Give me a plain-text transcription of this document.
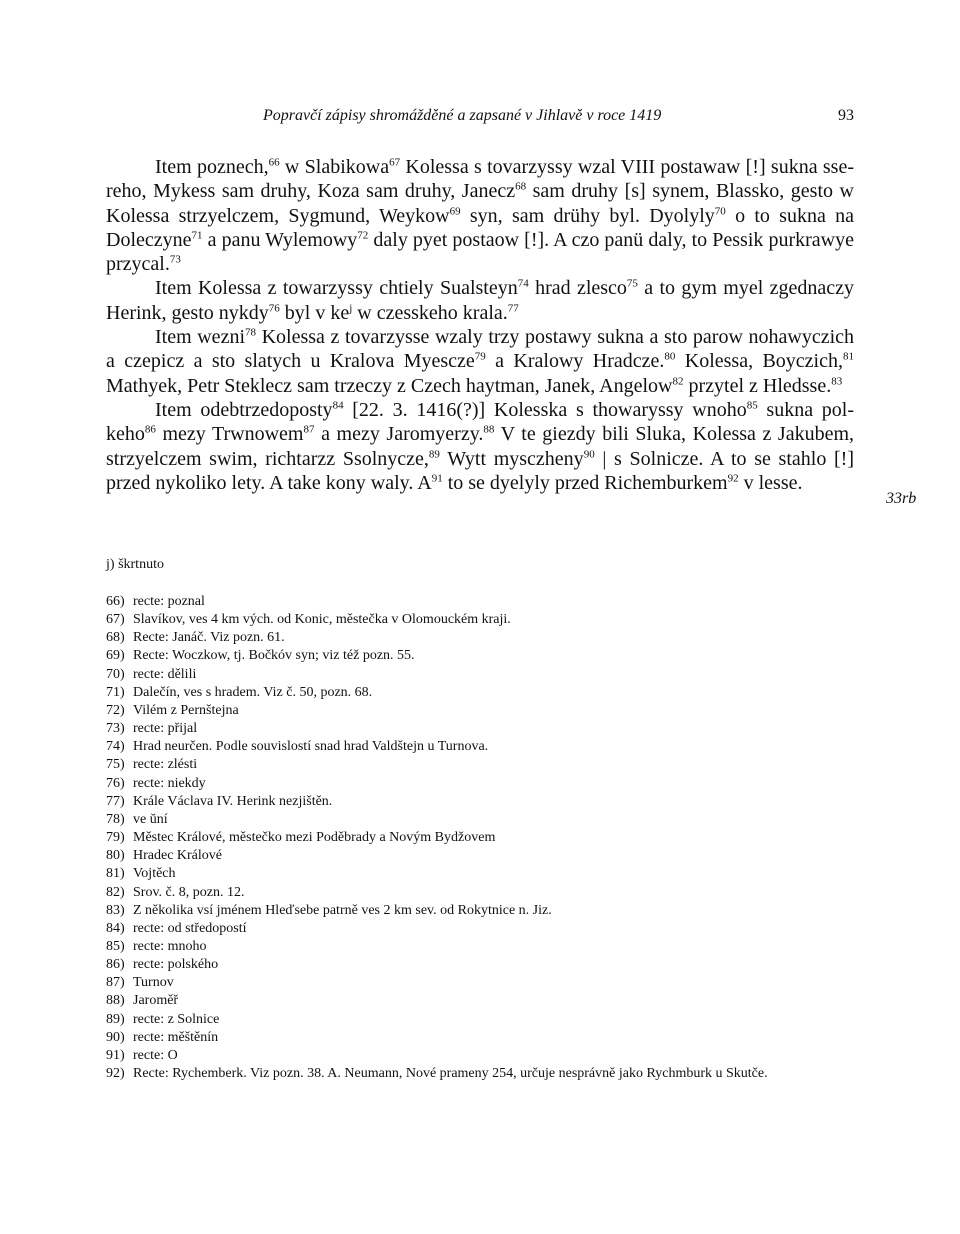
Popravčí zápisy shromážděné a zapsané v Jihlavě v roce 1419	93

Item poznech,$^{66}$ w Slabikowa$^{67}$ Kolessa s tovarzyssy wzal VIII postawaw [!] sukna ssereho, Mykess sam druhy, Koza sam druhy, Janecz$^{68}$ sam druhy [s] synem, Blassko, gesto w Kolessa strzyelczem, Sygmund, Weykow$^{69}$ syn, sam drühy byl. Dyolyly$^{70}$ o to sukna na Doleczyne$^{71}$ a panu Wylemowy$^{72}$ daly pyet postaow [!]. A czo panü daly, to Pessik purkrawye przycal.$^{73}$

Item Kolessa z towarzyssy chtiely Sualsteyn$^{74}$ hrad zlesco$^{75}$ a to gym myel zgednaczy Herink, gesto nykdy$^{76}$ byl v $ke^j$ w czesskeho krala.$^{77}$

Item wezni$^{78}$ Kolessa z tovarzysse wzaly trzy postawy sukna a sto parow nohawyczich a czepicz a sto slatych u Kralova Myescze$^{79}$ a Kralowy Hradcze.$^{80}$ Kolessa, Boyczich,$^{81}$ Mathyek, Petr Steklecz sam trzeczy z Czech haytman, Janek, Angelow$^{82}$ przytel z Hledsse.$^{83}$

Item odebtrzedoposty$^{84}$ [22. 3. 1416(?)] Kolesska s thowaryssy wnoho$^{85}$ sukna polkeho$^{86}$ mezy Trwnowem$^{87}$ a mezy Jaromyerzy.$^{88}$ V te giezdy bili Sluka, Kolessa z Jakubem, strzyelczem swim, richtarzz Ssolnycze,$^{89}$ Wytt mysczheny$^{90}$ | s Solnicze. A to se stahlo [!] przed nykoliko lety. A take kony waly. $A^{91}$ to se dyelyly przed Richemburkem$^{92}$ v lesse.

33rb
j) škrtnuto
66) recte: poznal
67) Slavíkov, ves 4 km vých. od Konic, městečka v Olomouckém kraji.
68) Recte: Janáč. Viz pozn. 61.
69) Recte: Woczkow, tj. Bočkóv syn; viz též pozn. 55.
70) recte: dělili
71) Dalečín, ves s hradem. Viz č. 50, pozn. 68.
72) Vilém z Pernštejna
73) recte: přijal
74) Hrad neurčen. Podle souvislostí snad hrad Valdštejn u Turnova.
75) recte: zlésti
76) recte: niekdy
77) Krále Václava IV. Herink nezjištěn.
78) ve ŭní
79) Městec Králové, městečko mezi Poděbrady a Novým Bydžovem
80) Hradec Králové
81) Vojtěch
82) Srov. č. 8, pozn. 12.
83) Z několika vsí jménem Hleďsebe patrně ves 2 km sev. od Rokytnice n. Jiz.
84) recte: od středopostí
85) recte: mnoho
86) recte: polského
87) Turnov
88) Jaroměř
89) recte: z Solnice
90) recte: měštěnín
91) recte: O
92) Recte: Rychemberk. Viz pozn. 38. A. Neumann, Nové prameny 254, určuje nesprávně jako Rychmburk u Skutče.
